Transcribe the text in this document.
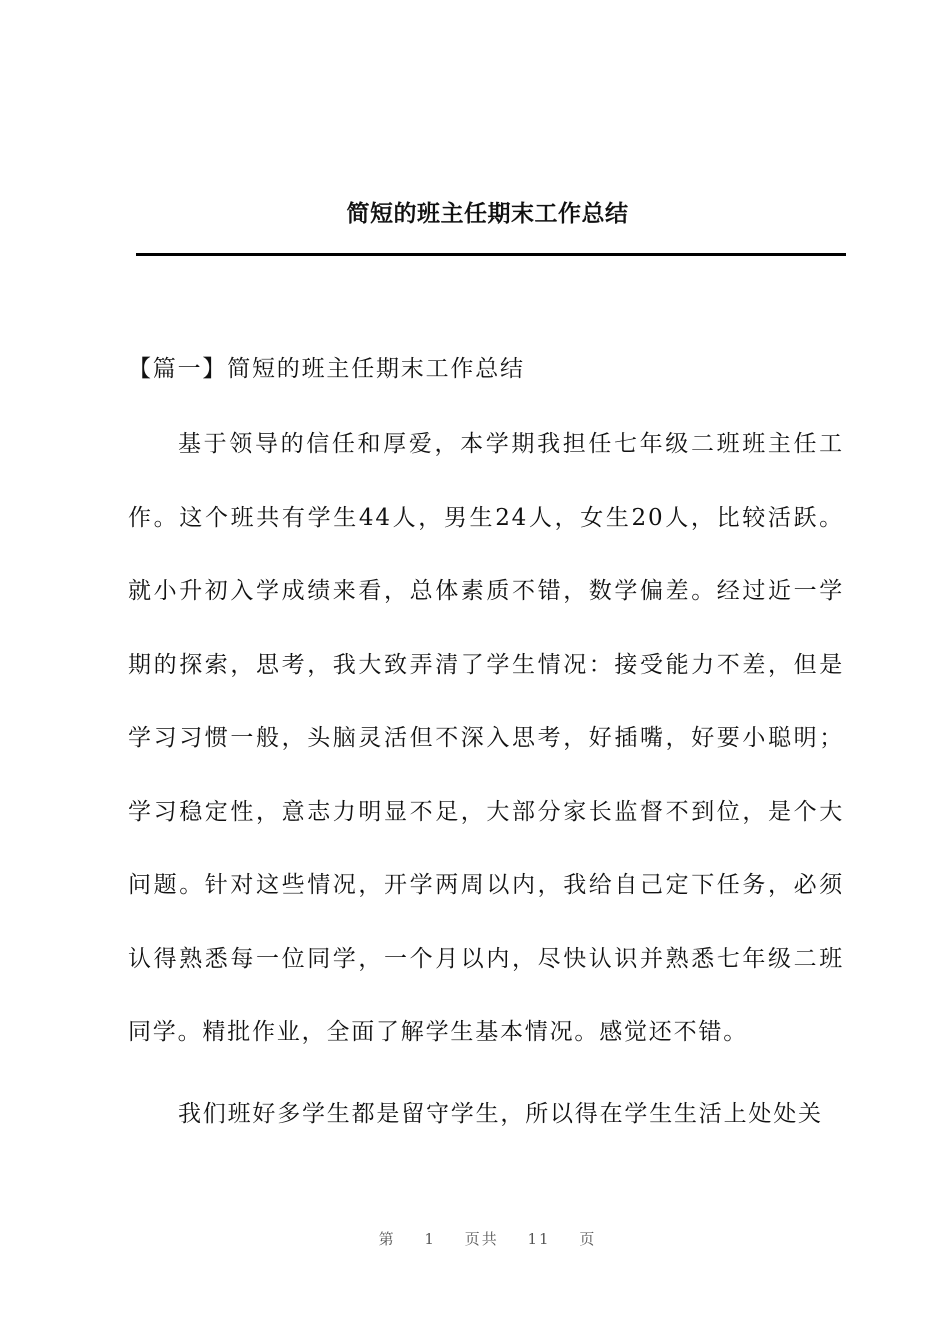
简短的班主任期末工作总结
【篇一】简短的班主任期末工作总结

基于领导的信任和厚爱，本学期我担任七年级二班班主任工作。这个班共有学生44人，男生24人，女生20人，比较活跃。就小升初入学成绩来看，总体素质不错，数学偏差。经过近一学期的探索，思考，我大致弄清了学生情况：接受能力不差，但是学习习惯一般，头脑灵活但不深入思考，好插嘴，好要小聪明；学习稳定性，意志力明显不足，大部分家长监督不到位，是个大问题。针对这些情况，开学两周以内，我给自己定下任务，必须认得熟悉每一位同学，一个月以内，尽快认识并熟悉七年级二班同学。精批作业，全面了解学生基本情况。感觉还不错。

我们班好多学生都是留守学生，所以得在学生生活上处处关

第 1 页共 11 页
